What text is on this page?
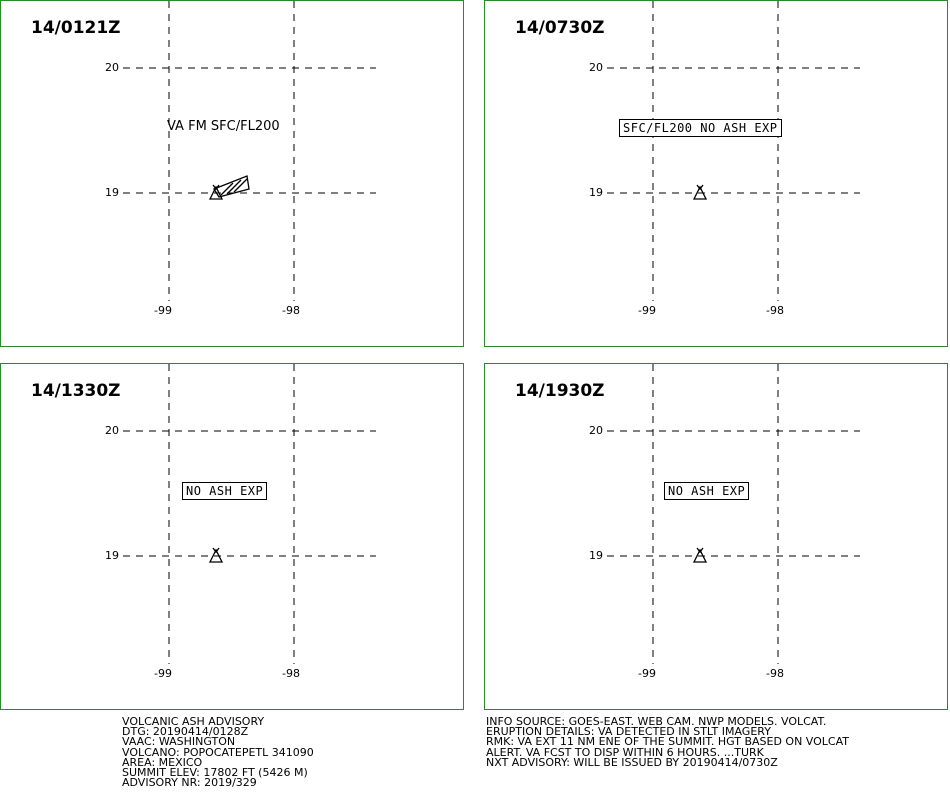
14/0121Z
20
19
-99	-98
VA FM SFC/FL200
14/0730Z
20
19
-99	-98
SFC/FL200 NO ASH EXP
14/1330Z
20
19
-99	-98
NO ASH EXP
14/1930Z
20
19
-99	-98
NO ASH EXP
VOLCANIC ASH ADVISORY
DTG: 20190414/0128Z
VAAC: WASHINGTON
VOLCANO: POPOCATEPETL 341090
AREA: MEXICO
SUMMIT ELEV: 17802 FT (5426 M)
ADVISORY NR: 2019/329
INFO SOURCE: GOES-EAST. WEB CAM. NWP MODELS. VOLCAT.
ERUPTION DETAILS: VA DETECTED IN STLT IMAGERY
RMK: VA EXT 11 NM ENE OF THE SUMMIT. HGT BASED ON VOLCAT
ALERT. VA FCST TO DISP WITHIN 6 HOURS. ...TURK
NXT ADVISORY: WILL BE ISSUED BY 20190414/0730Z
